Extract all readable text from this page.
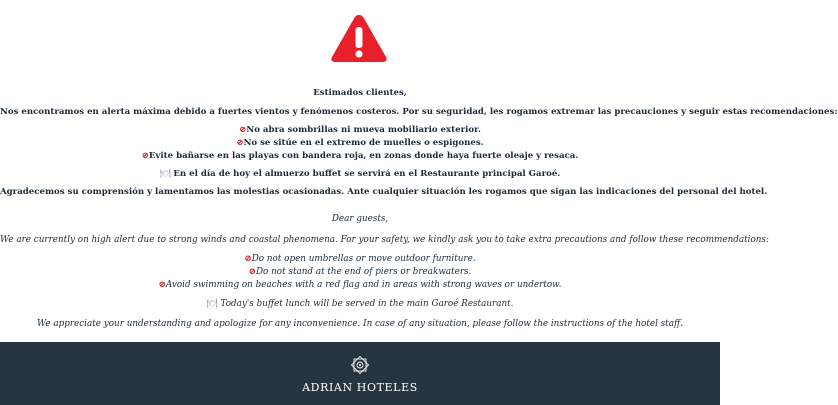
Estimados clientes,
Nos encontramos en alerta máxima debido a fuertes vientos y fenómenos costeros. Por su seguridad, les rogamos extremar las precauciones y seguir estas recomendaciones:
⊘No abra sombrillas ni mueva mobiliario exterior.
⊘No se sitúe en el extremo de muelles o espigones.
⊘Evite bañarse en las playas con bandera roja, en zonas donde haya fuerte oleaje y resaca.
🍽 En el día de hoy el almuerzo buffet se servirá en el Restaurante principal Garoé.
Agradecemos su comprensión y lamentamos las molestias ocasionadas. Ante cualquier situación les rogamos que sigan las indicaciones del personal del hotel.
Dear guests,
We are currently on high alert due to strong winds and coastal phenomena. For your safety, we kindly ask you to take extra precautions and follow these recommendations:
⊘Do not open umbrellas or move outdoor furniture.
⊘Do not stand at the end of piers or breakwaters.
⊘Avoid swimming on beaches with a red flag and in areas with strong waves or undertow.
🍽 Today's buffet lunch will be served in the main Garoé Restaurant.
We appreciate your understanding and apologize for any inconvenience. In case of any situation, please follow the instructions of the hotel staff.
ADRIAN HOTELES
